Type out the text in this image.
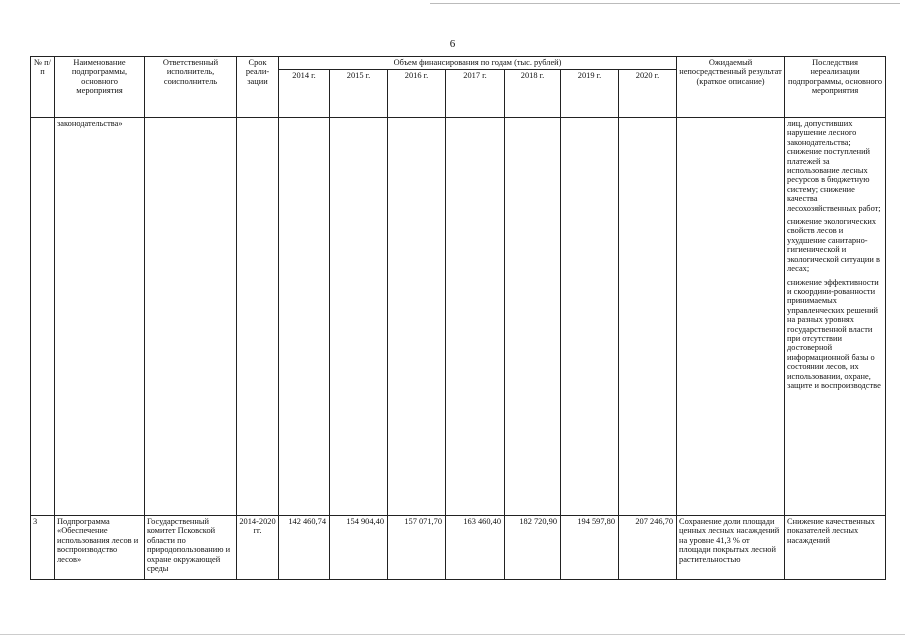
6
№ п/п	Наименование подпрограммы, основного мероприятия	Ответственный исполнитель, соисполнитель	Срок реали-зации	Объем финансирования по годам (тыс. рублей)							Ожидаемый непосредственный результат (краткое описание)	Последствия нереализации подпрограммы, основного мероприятия
				2014 г.	2015 г.	2016 г.	2017 г.	2018 г.	2019 г.	2020 г.		
	законодательства»											лиц, допустивших нарушение лесного законодательства; снижение поступлений платежей за использование лесных ресурсов в бюджетную систему; снижение качества лесохозяйственных работ;

снижение экологических свойств лесов и ухудшение санитарно-гигиенической и экологической ситуации в лесах;

снижение эффективности и скоордини-рованности принимаемых управленческих решений на разных уровнях государственной власти при отсутствии достоверной информационной базы о состоянии лесов, их использовании, охране, защите и воспроизводстве

3	Подпрограмма «Обеспечение использования лесов и воспроизводство лесов»	Государственный комитет Псковской области по природопользованию и охране окружающей среды	2014-2020 гг.	142 460,74	154 904,40	157 071,70	163 460,40	182 720,90	194 597,80	207 246,70	Сохранение доли площади ценных лесных насаждений на уровне 41,3 % от площади покрытых лесной растительностью	Снижение качественных показателей лесных насаждений
